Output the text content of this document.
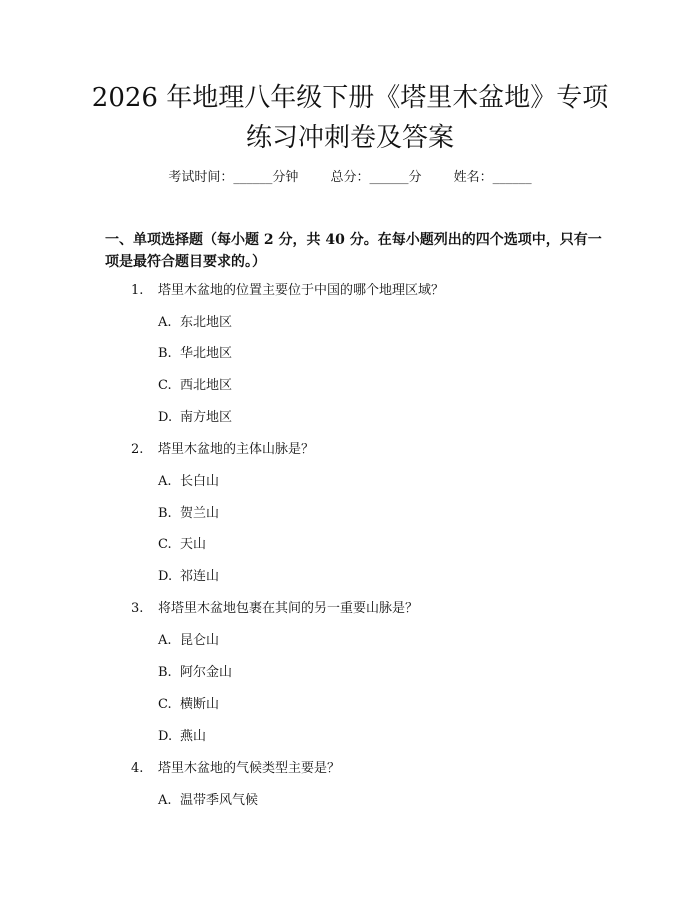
2026 年地理八年级下册《塔里木盆地》专项
练习冲刺卷及答案
考试时间：______分钟 总分：______分 姓名：______

一、单项选择题（每小题 2 分，共 40 分。在每小题列出的四个选项中，只有一项是最符合题目要求的。）

1. 塔里木盆地的位置主要位于中国的哪个地理区域？
A. 东北地区
B. 华北地区
C. 西北地区
D. 南方地区
2. 塔里木盆地的主体山脉是？
A. 长白山
B. 贺兰山
C. 天山
D. 祁连山
3. 将塔里木盆地包裹在其间的另一重要山脉是？
A. 昆仑山
B. 阿尔金山
C. 横断山
D. 燕山
4. 塔里木盆地的气候类型主要是？
A. 温带季风气候
